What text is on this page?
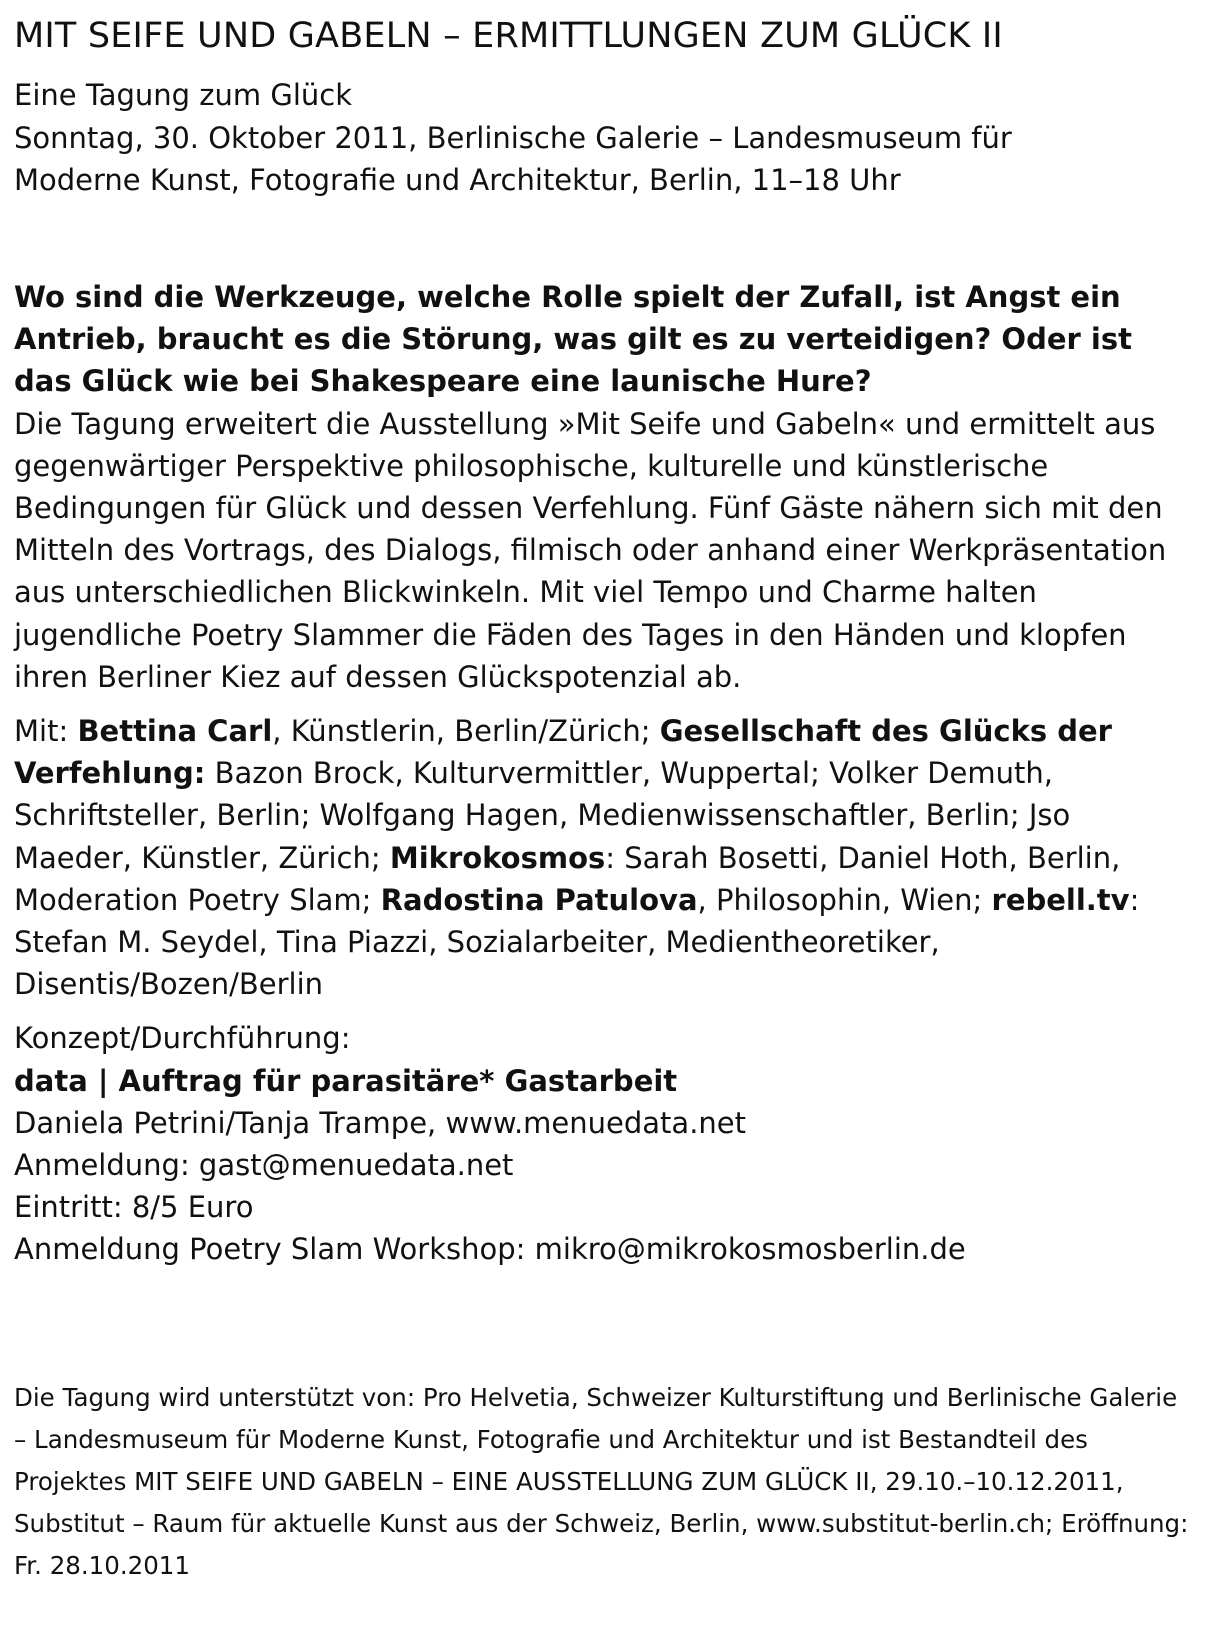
MIT SEIFE UND GABELN – ERMITTLUNGEN ZUM GLÜCK II
Eine Tagung zum Glück
Sonntag, 30. Oktober 2011, Berlinische Galerie – Landesmuseum für
Moderne Kunst, Fotografie und Architektur, Berlin, 11–18 Uhr

Wo sind die Werkzeuge, welche Rolle spielt der Zufall, ist Angst ein Antrieb, braucht es die Störung, was gilt es zu verteidigen? Oder ist das Glück wie bei Shakespeare eine launische Hure?

Die Tagung erweitert die Ausstellung »Mit Seife und Gabeln« und ermittelt aus gegenwärtiger Perspektive philosophische, kulturelle und künstlerische Bedingungen für Glück und dessen Verfehlung. Fünf Gäste nähern sich mit den Mitteln des Vortrags, des Dialogs, filmisch oder anhand einer Werkpräsentation aus unterschiedlichen Blickwinkeln. Mit viel Tempo und Charme halten jugendliche Poetry Slammer die Fäden des Tages in den Händen und klopfen ihren Berliner Kiez auf dessen Glückspotenzial ab.

Mit: Bettina Carl, Künstlerin, Berlin/Zürich; Gesellschaft des Glücks der Verfehlung: Bazon Brock, Kulturvermittler, Wuppertal; Volker Demuth, Schriftsteller, Berlin; Wolfgang Hagen, Medienwissenschaftler, Berlin; Jso Maeder, Künstler, Zürich; Mikrokosmos: Sarah Bosetti, Daniel Hoth, Berlin, Moderation Poetry Slam; Radostina Patulova, Philosophin, Wien; rebell.tv: Stefan M. Seydel, Tina Piazzi, Sozialarbeiter, Medientheoretiker, Disentis/Bozen/Berlin

Konzept/Durchführung:
data | Auftrag für parasitäre* Gastarbeit
Daniela Petrini/Tanja Trampe, www.menuedata.net
Anmeldung: gast@menuedata.net
Eintritt: 8/5 Euro
Anmeldung Poetry Slam Workshop: mikro@mikrokosmosberlin.de

Die Tagung wird unterstützt von: Pro Helvetia, Schweizer Kulturstiftung und Berlinische Galerie – Landesmuseum für Moderne Kunst, Fotografie und Architektur und ist Bestandteil des Projektes MIT SEIFE UND GABELN – EINE AUSSTELLUNG ZUM GLÜCK II, 29.10.–10.12.2011, Substitut – Raum für aktuelle Kunst aus der Schweiz, Berlin, www.substitut-berlin.ch; Eröffnung: Fr. 28.10.2011
